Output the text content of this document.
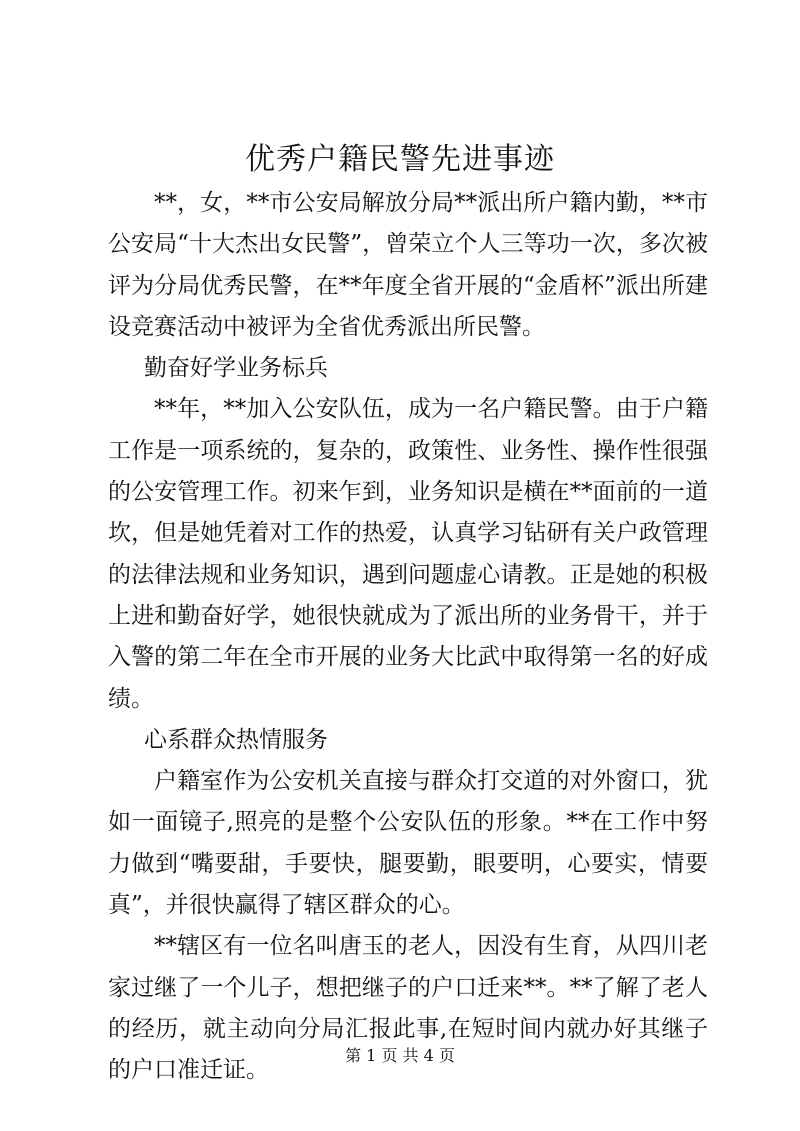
优秀户籍民警先进事迹

**，女，**市公安局解放分局**派出所户籍内勤，**市公安局“十大杰出女民警”，曾荣立个人三等功一次，多次被评为分局优秀民警，在**年度全省开展的“金盾杯”派出所建设竞赛活动中被评为全省优秀派出所民警。

勤奋好学业务标兵

**年，**加入公安队伍，成为一名户籍民警。由于户籍工作是一项系统的，复杂的，政策性、业务性、操作性很强的公安管理工作。初来乍到，业务知识是横在**面前的一道坎，但是她凭着对工作的热爱，认真学习钻研有关户政管理的法律法规和业务知识，遇到问题虚心请教。正是她的积极上进和勤奋好学，她很快就成为了派出所的业务骨干，并于入警的第二年在全市开展的业务大比武中取得第一名的好成绩。

心系群众热情服务

户籍室作为公安机关直接与群众打交道的对外窗口，犹如一面镜子,照亮的是整个公安队伍的形象。**在工作中努力做到“嘴要甜，手要快，腿要勤，眼要明，心要实，情要真”，并很快赢得了辖区群众的心。

**辖区有一位名叫唐玉的老人，因没有生育，从四川老家过继了一个儿子，想把继子的户口迁来**。**了解了老人的经历，就主动向分局汇报此事,在短时间内就办好其继子的户口准迁证。

第 1 页 共 4 页
